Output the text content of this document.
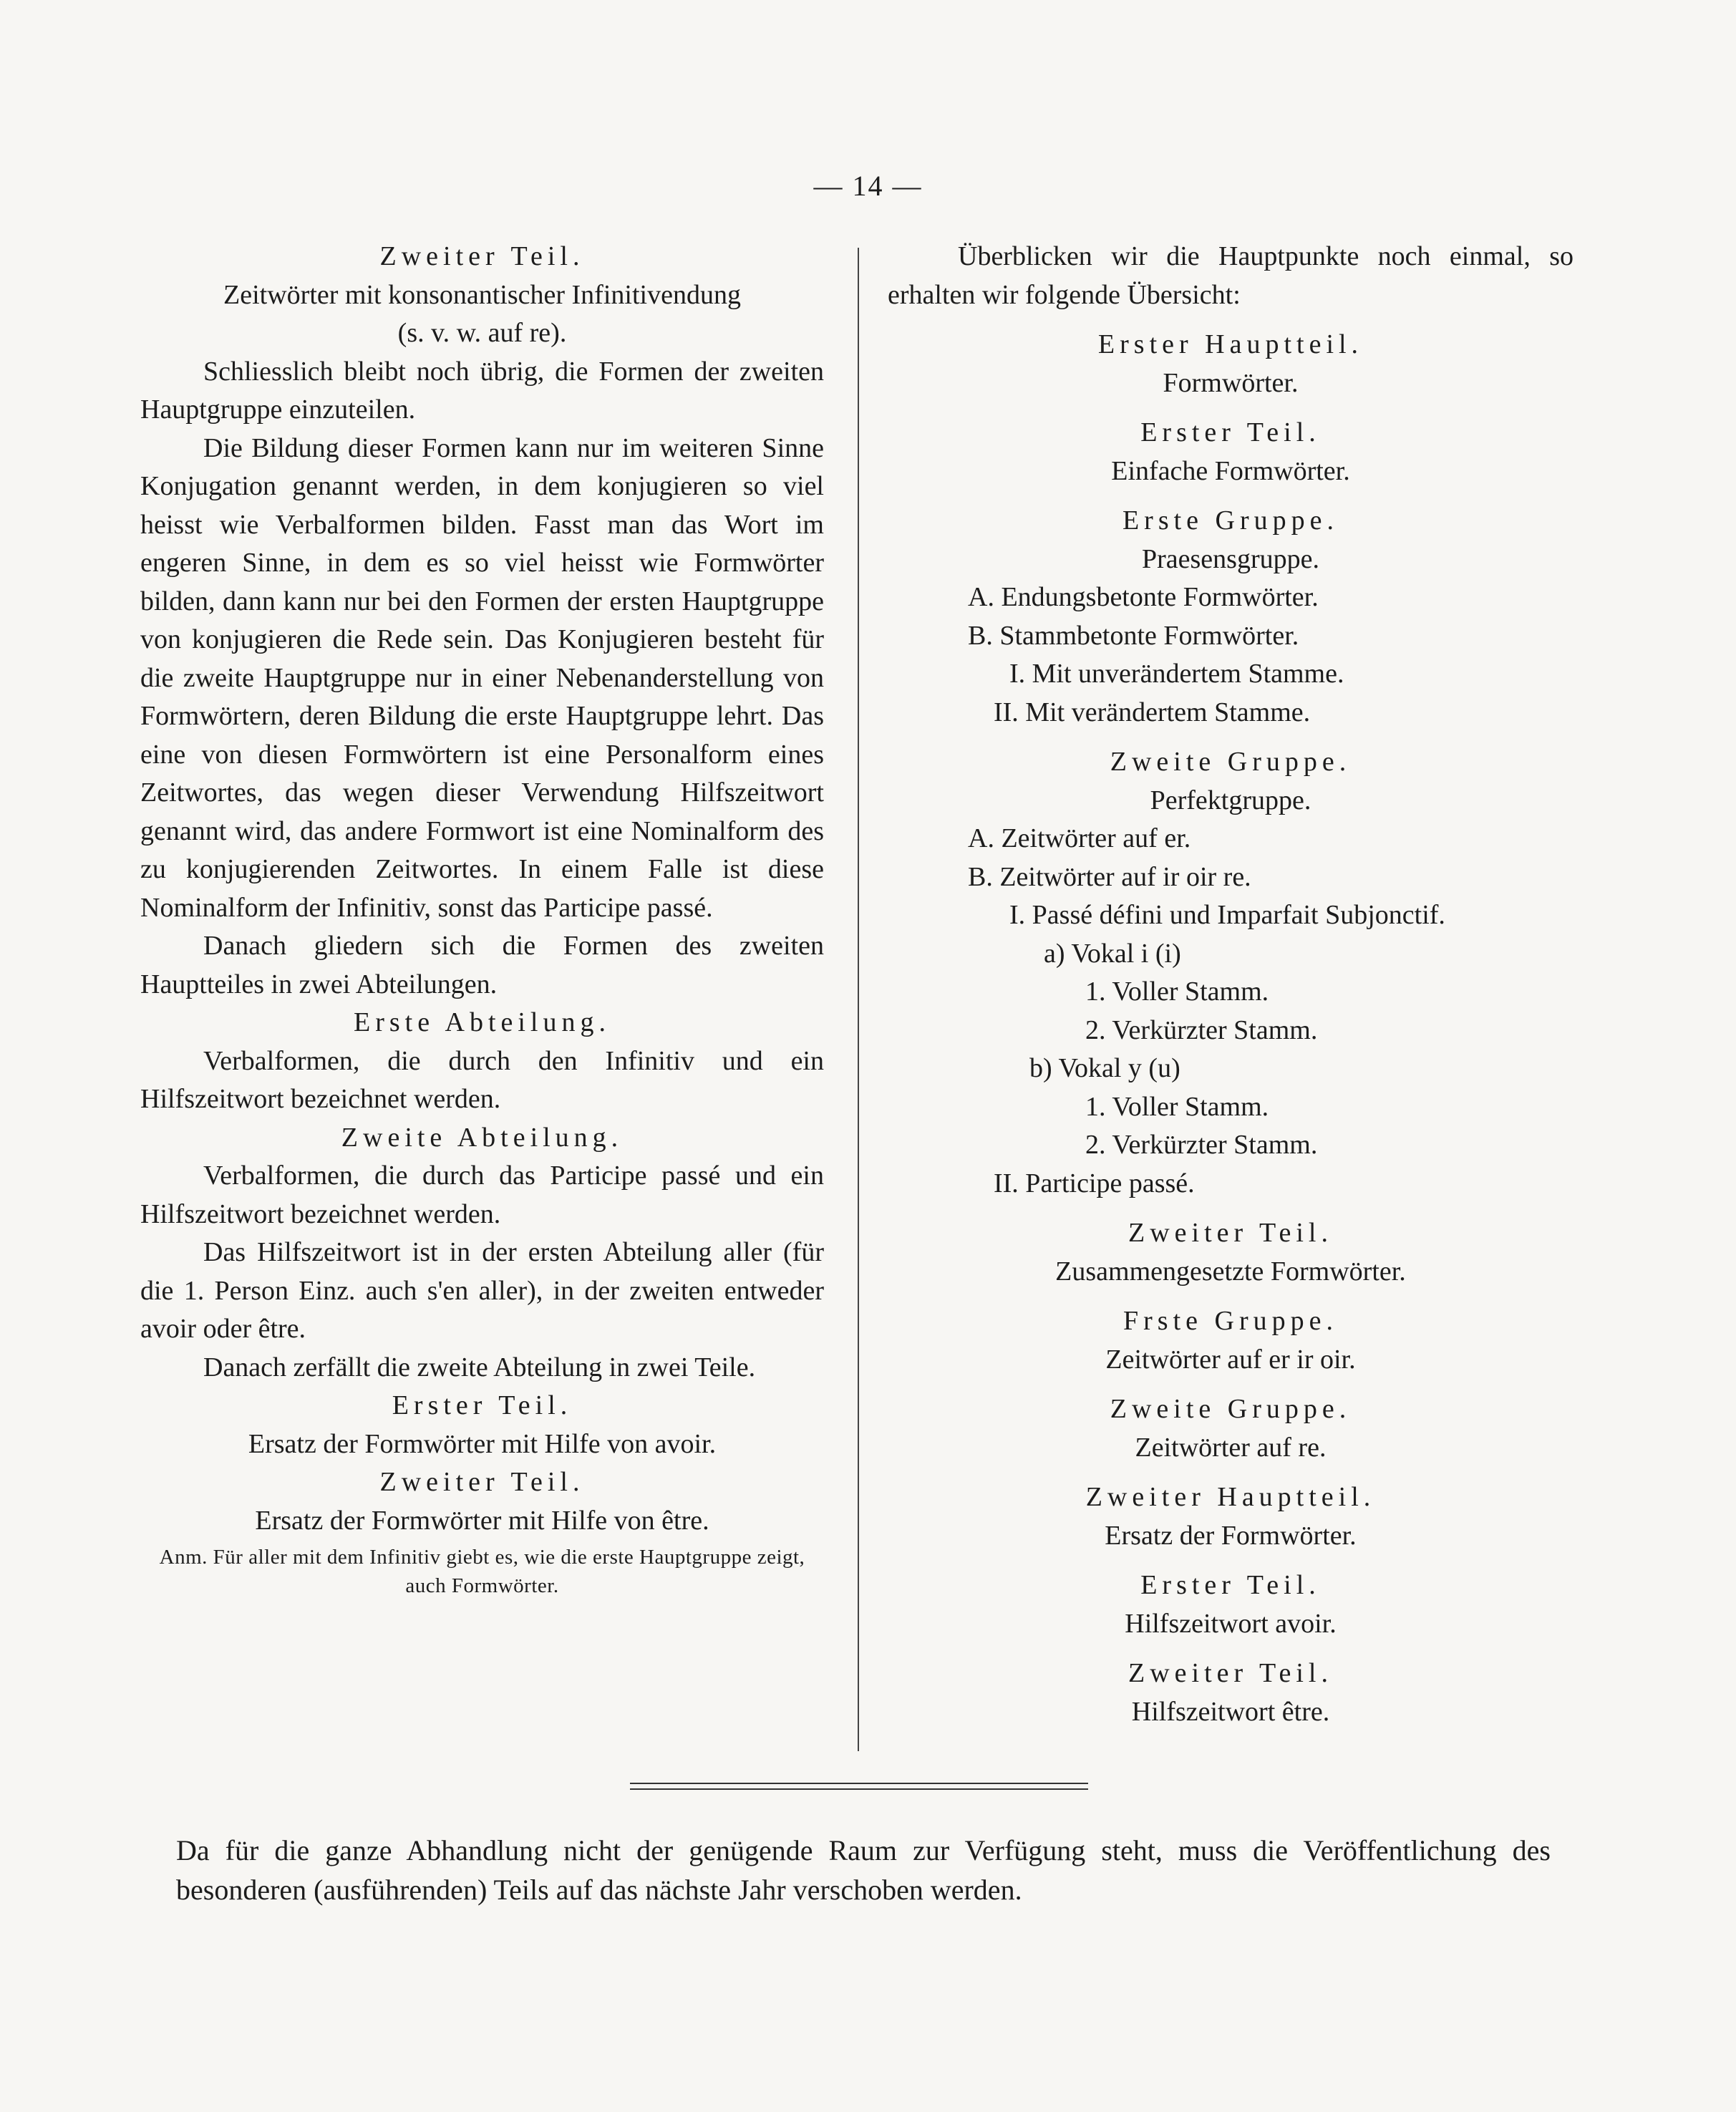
— 14 —

Zweiter Teil.

Zeitwörter mit konsonantischer Infinitivendung

(s. v. w. auf re).

Schliesslich bleibt noch übrig, die Formen der zweiten Hauptgruppe einzuteilen.

Die Bildung dieser Formen kann nur im weiteren Sinne Konjugation genannt werden, in dem konjugieren so viel heisst wie Verbalformen bilden. Fasst man das Wort im engeren Sinne, in dem es so viel heisst wie Formwörter bilden, dann kann nur bei den Formen der ersten Hauptgruppe von konjugieren die Rede sein. Das Konjugieren besteht für die zweite Hauptgruppe nur in einer Nebenanderstellung von Formwörtern, deren Bildung die erste Hauptgruppe lehrt. Das eine von diesen Formwörtern ist eine Personalform eines Zeitwortes, das wegen dieser Verwendung Hilfszeitwort genannt wird, das andere Formwort ist eine Nominalform des zu konjugierenden Zeitwortes. In einem Falle ist diese Nominalform der Infinitiv, sonst das Participe passé.

Danach gliedern sich die Formen des zweiten Hauptteiles in zwei Abteilungen.

Erste Abteilung.

Verbalformen, die durch den Infinitiv und ein Hilfszeitwort bezeichnet werden.

Zweite Abteilung.

Verbalformen, die durch das Participe passé und ein Hilfszeitwort bezeichnet werden.

Das Hilfszeitwort ist in der ersten Abteilung aller (für die 1. Person Einz. auch s'en aller), in der zweiten entweder avoir oder être.

Danach zerfällt die zweite Abteilung in zwei Teile.

Erster Teil.

Ersatz der Formwörter mit Hilfe von avoir.

Zweiter Teil.

Ersatz der Formwörter mit Hilfe von être.

Anm. Für aller mit dem Infinitiv giebt es, wie die erste Hauptgruppe zeigt, auch Formwörter.

Überblicken wir die Hauptpunkte noch einmal, so erhalten wir folgende Übersicht:

Erster Hauptteil.

Formwörter.

Erster Teil.

Einfache Formwörter.

Erste Gruppe.

Praesensgruppe.

A. Endungsbetonte Formwörter.

B. Stammbetonte Formwörter.

I. Mit unverändertem Stamme.

II. Mit verändertem Stamme.

Zweite Gruppe.

Perfektgruppe.

A. Zeitwörter auf er.

B. Zeitwörter auf ir oir re.

I. Passé défini und Imparfait Subjonctif.

a) Vokal i (i)

1. Voller Stamm.

2. Verkürzter Stamm.

b) Vokal y (u)

1. Voller Stamm.

2. Verkürzter Stamm.

II. Participe passé.

Zweiter Teil.

Zusammengesetzte Formwörter.

Frste Gruppe.

Zeitwörter auf er ir oir.

Zweite Gruppe.

Zeitwörter auf re.

Zweiter Hauptteil.

Ersatz der Formwörter.

Erster Teil.

Hilfszeitwort avoir.

Zweiter Teil.

Hilfszeitwort être.

Da für die ganze Abhandlung nicht der genügende Raum zur Verfügung steht, muss die Veröffentlichung des besonderen (ausführenden) Teils auf das nächste Jahr verschoben werden.
